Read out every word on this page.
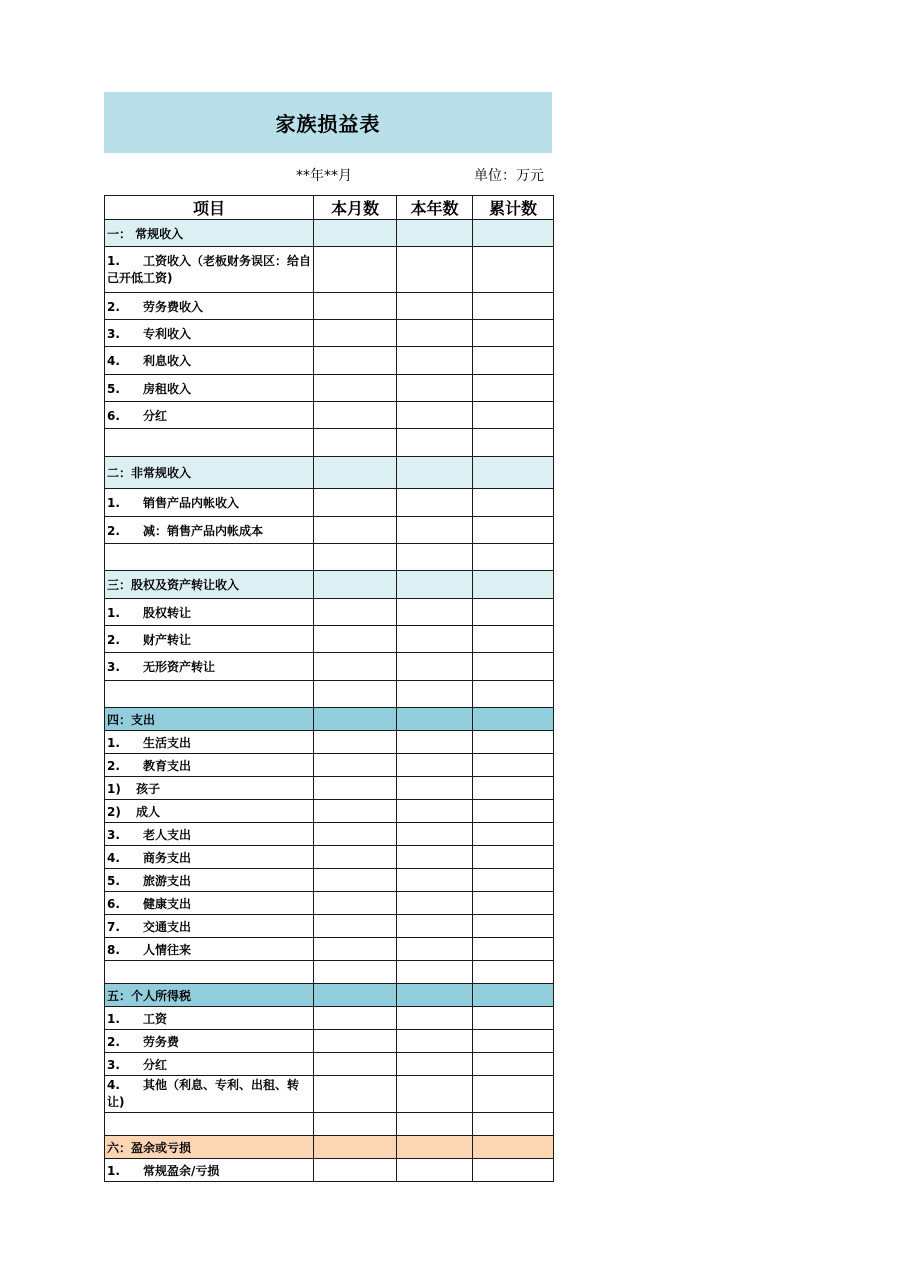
家族损益表
**年**月	单位：万元
项目	本月数	本年数	累计数
一： 常规收入			

1. 工资收入（老板财务误区：给自己开低工资)			

2. 劳务费收入			
3. 专利收入			
4. 利息收入			
5. 房租收入			
6. 分红			

二：非常规收入			
1. 销售产品内帐收入			
2. 减：销售产品内帐成本			

三：股权及资产转让收入			
1. 股权转让			
2. 财产转让			
3. 无形资产转让			

四：支出			
1. 生活支出			
2. 教育支出			
1) 孩子			
2) 成人			
3. 老人支出			
4. 商务支出			
5. 旅游支出			
6. 健康支出			
7. 交通支出			
8. 人情往来			

五：个人所得税			
1. 工资			
2. 劳务费			
3. 分红			

4. 其他（利息、专利、出租、转让)			

六：盈余或亏损			
1. 常规盈余/亏损			
